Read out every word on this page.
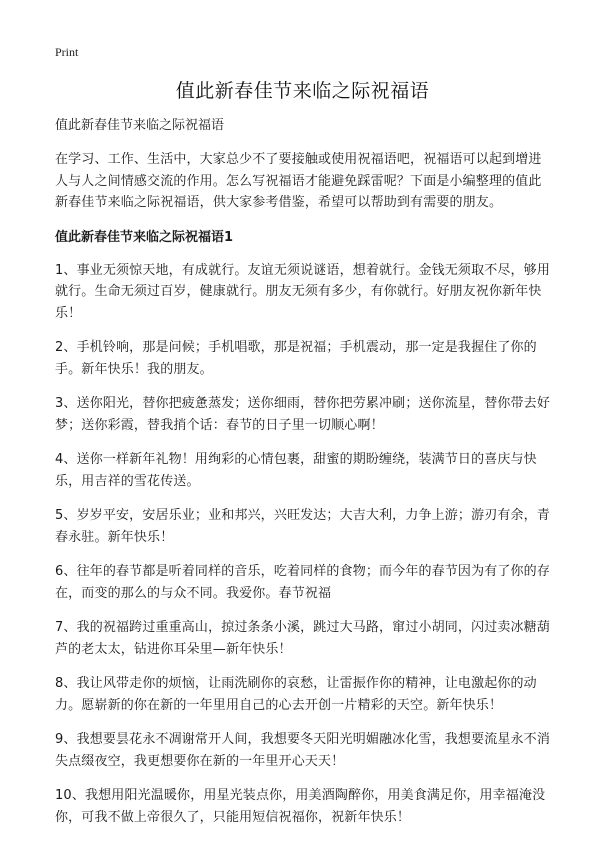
Print
值此新春佳节来临之际祝福语

值此新春佳节来临之际祝福语

在学习、工作、生活中，大家总少不了要接触或使用祝福语吧，祝福语可以起到增进人与人之间情感交流的作用。怎么写祝福语才能避免踩雷呢？下面是小编整理的值此新春佳节来临之际祝福语，供大家参考借鉴，希望可以帮助到有需要的朋友。

值此新春佳节来临之际祝福语1

1、事业无须惊天地，有成就行。友谊无须说谜语，想着就行。金钱无须取不尽，够用就行。生命无须过百岁，健康就行。朋友无须有多少，有你就行。好朋友祝你新年快乐！

2、手机铃响，那是问候；手机唱歌，那是祝福；手机震动，那一定是我握住了你的手。新年快乐！我的朋友。

3、送你阳光，替你把疲惫蒸发；送你细雨，替你把劳累冲刷；送你流星，替你带去好梦；送你彩霞，替我捎个话：春节的日子里一切顺心啊！

4、送你一样新年礼物！用绚彩的心情包裹，甜蜜的期盼缠绕，装满节日的喜庆与快乐，用吉祥的雪花传送。

5、岁岁平安，安居乐业；业和邦兴，兴旺发达；大吉大利，力争上游；游刃有余，青春永驻。新年快乐！

6、往年的春节都是听着同样的音乐，吃着同样的食物；而今年的春节因为有了你的存在，而变的那么的与众不同。我爱你。春节祝福

7、我的祝福跨过重重高山，掠过条条小溪，跳过大马路，窜过小胡同，闪过卖冰糖葫芦的老太太，钻进你耳朵里—新年快乐！

8、我让风带走你的烦恼，让雨洗刷你的哀愁，让雷振作你的精神，让电激起你的动力。愿崭新的你在新的一年里用自己的心去开创一片精彩的天空。新年快乐！

9、我想要昙花永不凋谢常开人间，我想要冬天阳光明媚融冰化雪，我想要流星永不消失点缀夜空，我更想要你在新的一年里开心天天！

10、我想用阳光温暖你，用星光装点你，用美酒陶醉你，用美食满足你，用幸福淹没你，可我不做上帝很久了，只能用短信祝福你，祝新年快乐！
